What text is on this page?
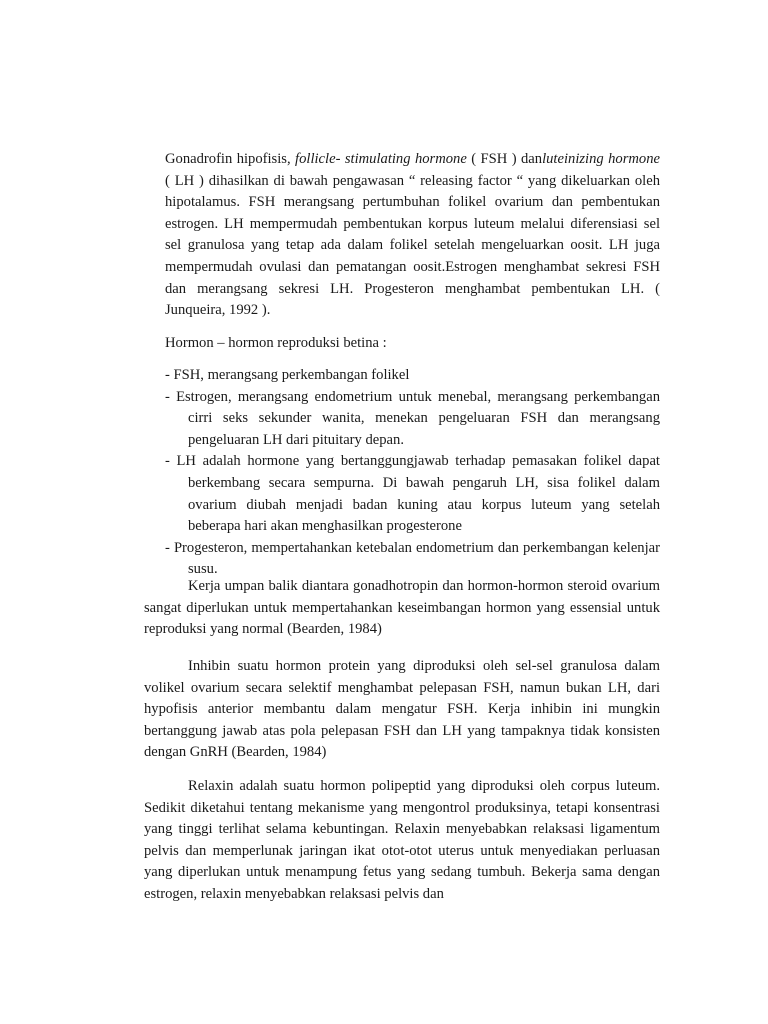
Gonadrofin hipofisis, follicle- stimulating hormone ( FSH ) danluteinizing hormone ( LH ) dihasilkan di bawah pengawasan “ releasing factor “ yang dikeluarkan oleh hipotalamus. FSH merangsang pertumbuhan folikel ovarium dan pembentukan estrogen. LH mempermudah pembentukan korpus luteum melalui diferensiasi sel sel granulosa yang tetap ada dalam folikel setelah mengeluarkan oosit. LH juga mempermudah ovulasi dan pematangan oosit.Estrogen menghambat sekresi FSH dan merangsang sekresi LH. Progesteron menghambat pembentukan LH. ( Junqueira, 1992 ).

Hormon – hormon reproduksi betina :

- FSH, merangsang perkembangan folikel
- Estrogen, merangsang endometrium untuk menebal, merangsang perkembangan cirri seks sekunder wanita, menekan pengeluaran FSH dan merangsang pengeluaran LH dari pituitary depan.
- LH adalah hormone yang bertanggungjawab terhadap pemasakan folikel dapat berkembang secara sempurna. Di bawah pengaruh LH, sisa folikel dalam ovarium diubah menjadi badan kuning atau korpus luteum yang setelah beberapa hari akan menghasilkan progesterone
- Progesteron, mempertahankan ketebalan endometrium dan perkembangan kelenjar susu.

Kerja umpan balik diantara gonadhotropin dan hormon-hormon steroid ovarium sangat diperlukan untuk mempertahankan keseimbangan hormon yang essensial untuk reproduksi yang normal (Bearden, 1984)

Inhibin suatu hormon protein yang diproduksi oleh sel-sel granulosa dalam volikel ovarium secara selektif menghambat pelepasan FSH, namun bukan LH, dari hypofisis anterior membantu dalam mengatur FSH. Kerja inhibin ini mungkin bertanggung jawab atas pola pelepasan FSH dan LH yang tampaknya tidak konsisten dengan GnRH (Bearden, 1984)

Relaxin adalah suatu hormon polipeptid yang diproduksi oleh corpus luteum. Sedikit diketahui tentang mekanisme yang mengontrol produksinya, tetapi konsentrasi yang tinggi terlihat selama kebuntingan. Relaxin menyebabkan relaksasi ligamentum pelvis dan memperlunak jaringan ikat otot-otot uterus untuk menyediakan perluasan yang diperlukan untuk menampung fetus yang sedang tumbuh. Bekerja sama dengan estrogen, relaxin menyebabkan relaksasi pelvis dan
